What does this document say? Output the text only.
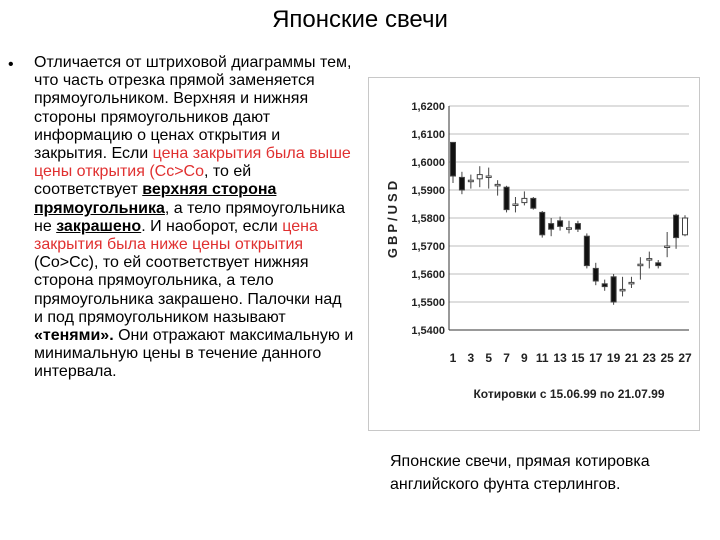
Японские свечи
• Отличается от штриховой диаграммы тем, что часть отрезка прямой заменяется прямоугольником. Верхняя и нижняя стороны прямоугольников дают информацию о ценах открытия и закрытия. Если цена закрытия была выше цены открытия (Сс>Со, то ей соответствует верхняя сторона прямоугольника, а тело прямоугольника не закрашено. И наоборот, если цена закрытия была ниже цены открытия (Со>Сс), то ей соответствует нижняя сторона прямоугольника, а тело прямоугольника закрашено. Палочки над и под прямоугольником называют «тенями». Они отражают максимальную и минимальную цены в течение данного интервала.
1,6200
1,6100
1,6000
1,5900
1,5800
1,5700
1,5600
1,5500
1,5400
GBP/USD
1 3 5 7 9 11 13 15 17 19 21 23 25 27
Котировки с 15.06.99 по 21.07.99
Японские свечи, прямая котировка английского фунта стерлингов.
